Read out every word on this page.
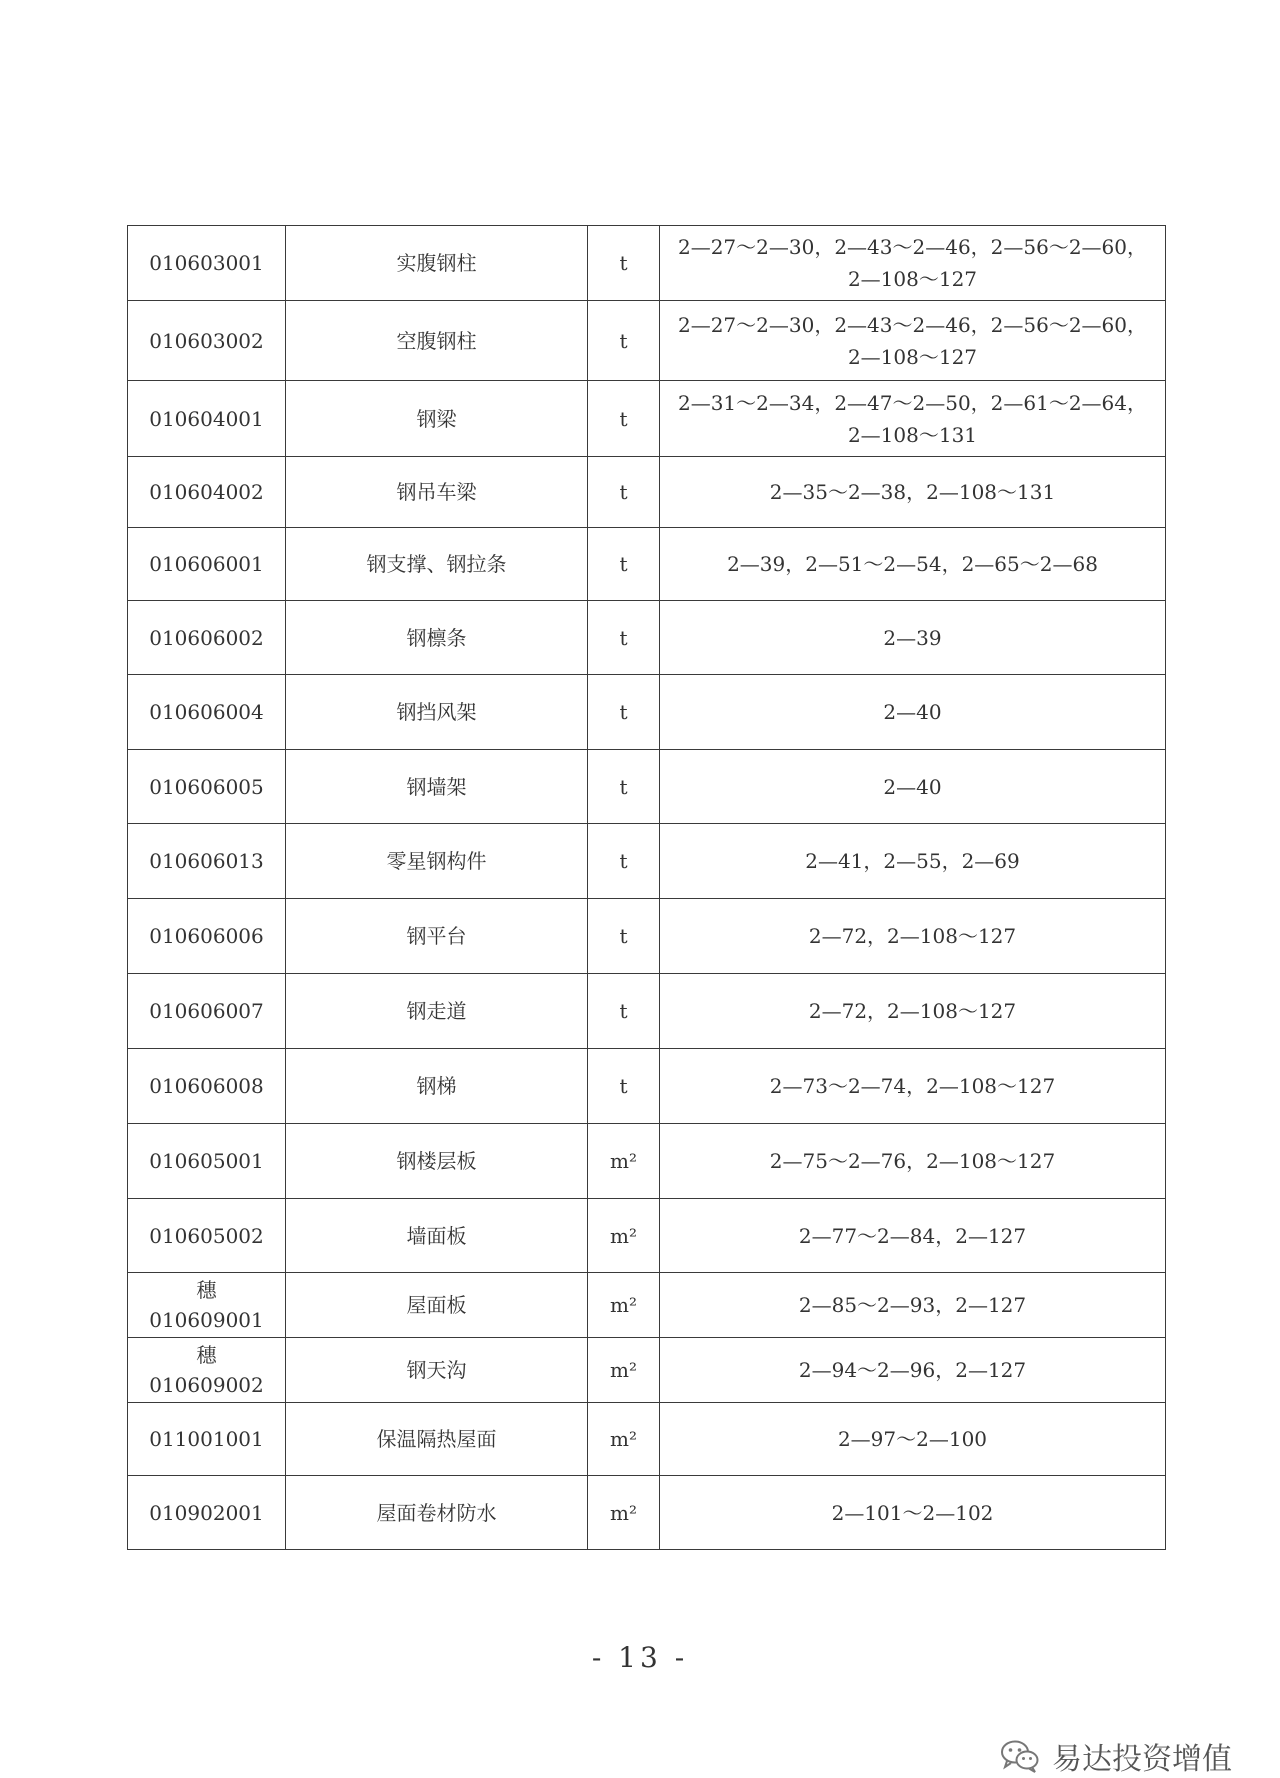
010603001	实腹钢柱	t	2—27～2—30，2—43～2—46，2—56～2—60，
2—108～127

010603002	空腹钢柱	t	2—27～2—30，2—43～2—46，2—56～2—60，
2—108～127

010604001	钢梁	t	2—31～2—34，2—47～2—50，2—61～2—64，
2—108～131

010604002	钢吊车梁	t	2—35～2—38，2—108～131

010606001	钢支撑、钢拉条	t	2—39，2—51～2—54，2—65～2—68

010606002	钢檩条	t	2—39

010606004	钢挡风架	t	2—40

010606005	钢墙架	t	2—40

010606013	零星钢构件	t	2—41，2—55，2—69

010606006	钢平台	t	2—72，2—108～127

010606007	钢走道	t	2—72，2—108～127

010606008	钢梯	t	2—73～2—74，2—108～127

010605001	钢楼层板	m²	2—75～2—76，2—108～127

010605002	墙面板	m²	2—77～2—84，2—127

穗
010609001	屋面板	m²	2—85～2—93，2—127

穗
010609002	钢天沟	m²	2—94～2—96，2—127

011001001	保温隔热屋面	m²	2—97～2—100

010902001	屋面卷材防水	m²	2—101～2—102
- 13 -
易达投资增值
